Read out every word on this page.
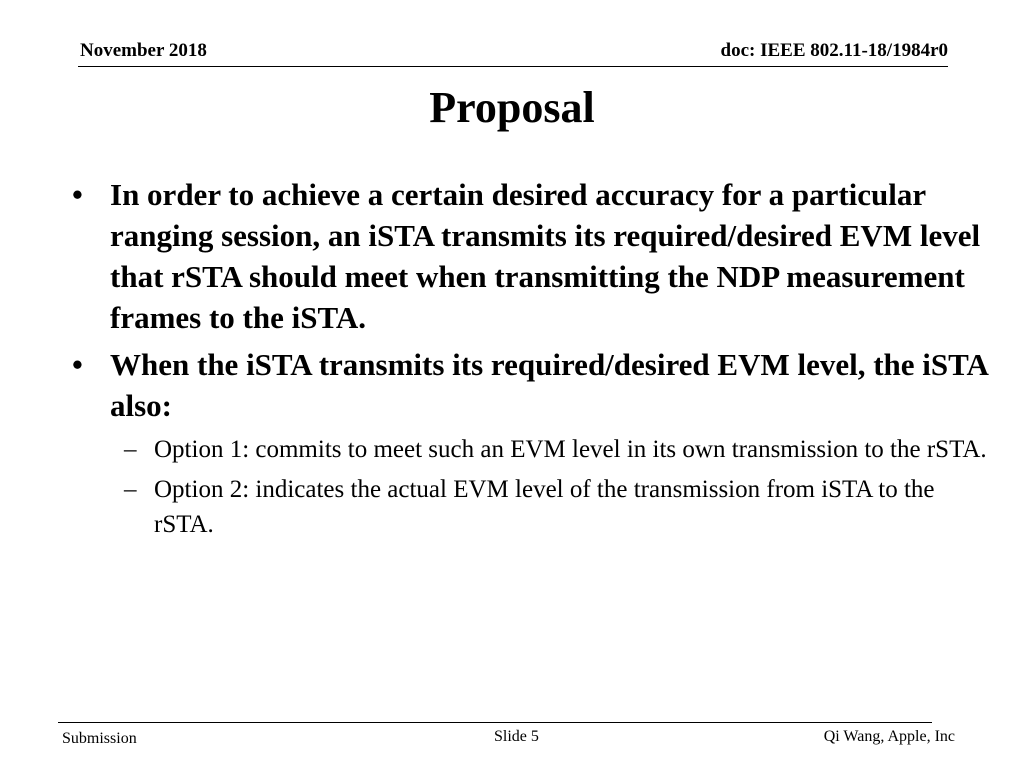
November 2018	doc: IEEE 802.11-18/1984r0
Proposal
• In order to achieve a certain desired accuracy for a particular ranging session, an iSTA transmits its required/desired EVM level that rSTA should meet when transmitting the NDP measurement frames to the iSTA.
• When the iSTA transmits its required/desired EVM level, the iSTA also:
– Option 1: commits to meet such an EVM level in its own transmission to the rSTA.
– Option 2: indicates the actual EVM level of the transmission from iSTA to the rSTA.
Submission	Slide 5	Qi Wang, Apple, Inc
